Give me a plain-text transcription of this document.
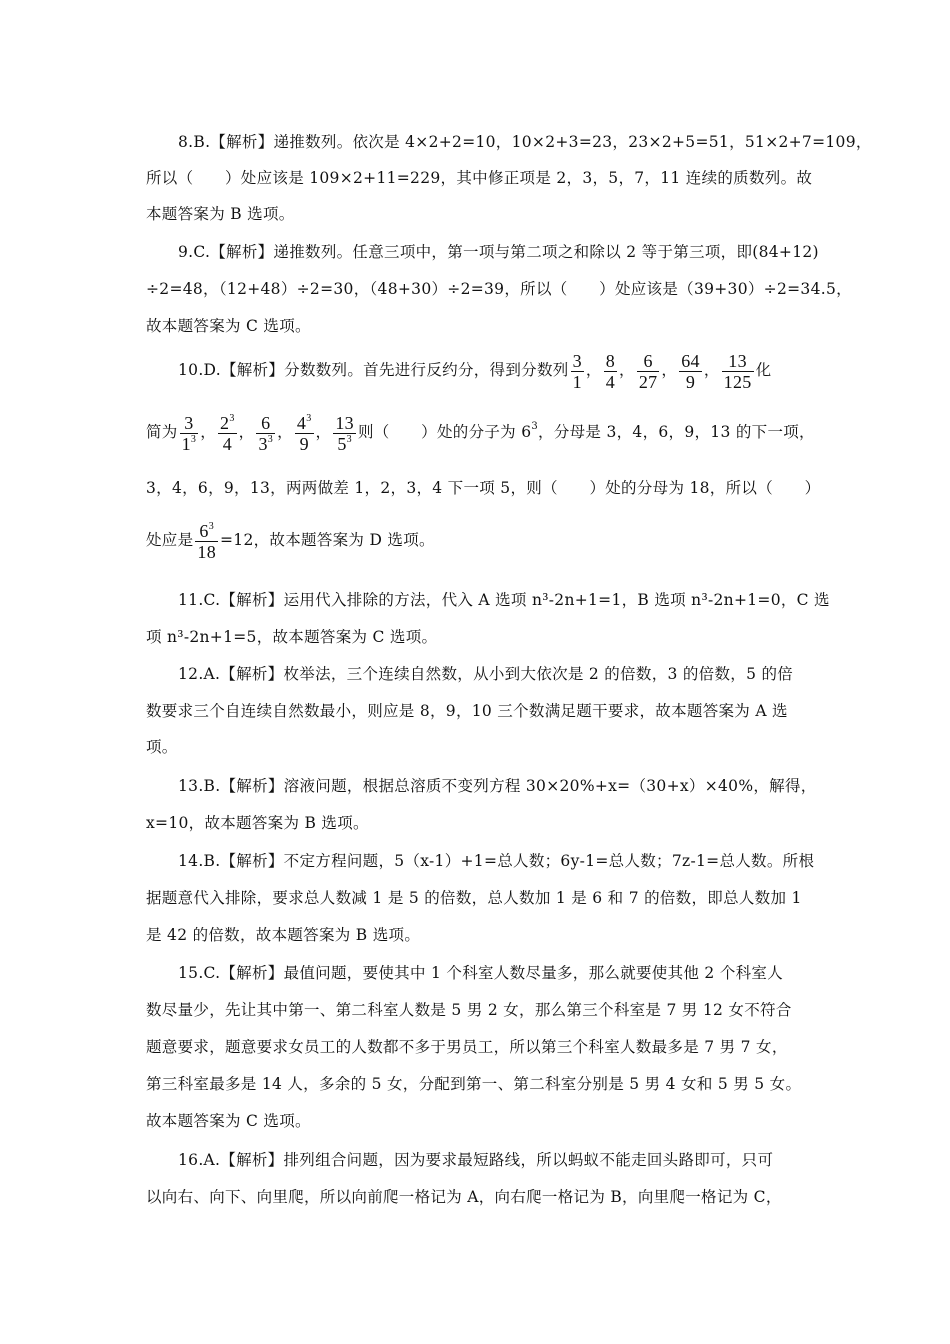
8.B.【解析】递推数列。依次是 4×2+2=10，10×2+3=23，23×2+5=51，51×2+7=109，
所以（　　）处应该是 109×2+11=229，其中修正项是 2，3，5，7，11 连续的质数列。故
本题答案为 B 选项。
9.C.【解析】递推数列。任意三项中，第一项与第二项之和除以 2 等于第三项，即(84+12)
÷2=48，（12+48）÷2=30，（48+30）÷2=39，所以（　　）处应该是（39+30）÷2=34.5，
故本题答案为 C 选项。
10.D.【解析】分数数列。首先进行反约分，得到分数列 $\frac{3}{1}$ ， $\frac{8}{4}$ ， $\frac{6}{27}$ ， $\frac{64}{9}$ ， $\frac{13}{125}$ 化
简为 $\frac{3}{1^3}$ ， $\frac{2^3}{4}$ ， $\frac{6}{3^3}$ ， $\frac{4^3}{9}$ ， $\frac{13}{5^3}$ 则（　　）处的分子为 $6^3$，分母是 3，4，6，9，13 的下一项，
3，4，6，9，13，两两做差 1，2，3，4 下一项 5，则（　　）处的分母为 18，所以（　　）
处应是 $\frac{6^3}{18} =12$，故本题答案为 D 选项。
11.C.【解析】运用代入排除的方法，代入 A 选项 n³-2n+1=1，B 选项 n³-2n+1=0，C 选
项 n³-2n+1=5，故本题答案为 C 选项。
12.A.【解析】枚举法，三个连续自然数，从小到大依次是 2 的倍数，3 的倍数，5 的倍
数要求三个自连续自然数最小，则应是 8，9，10 三个数满足题干要求，故本题答案为 A 选
项。
13.B.【解析】溶液问题，根据总溶质不变列方程 30×20%+x=（30+x）×40%，解得，
x=10，故本题答案为 B 选项。
14.B.【解析】不定方程问题，5（x-1）+1=总人数；6y-1=总人数；7z-1=总人数。所根
据题意代入排除，要求总人数减 1 是 5 的倍数，总人数加 1 是 6 和 7 的倍数，即总人数加 1
是 42 的倍数，故本题答案为 B 选项。
15.C.【解析】最值问题，要使其中 1 个科室人数尽量多，那么就要使其他 2 个科室人
数尽量少，先让其中第一、第二科室人数是 5 男 2 女，那么第三个科室是 7 男 12 女不符合
题意要求，题意要求女员工的人数都不多于男员工，所以第三个科室人数最多是 7 男 7 女，
第三科室最多是 14 人，多余的 5 女，分配到第一、第二科室分别是 5 男 4 女和 5 男 5 女。
故本题答案为 C 选项。
16.A.【解析】排列组合问题，因为要求最短路线，所以蚂蚁不能走回头路即可，只可
以向右、向下、向里爬，所以向前爬一格记为 A，向右爬一格记为 B，向里爬一格记为 C，
